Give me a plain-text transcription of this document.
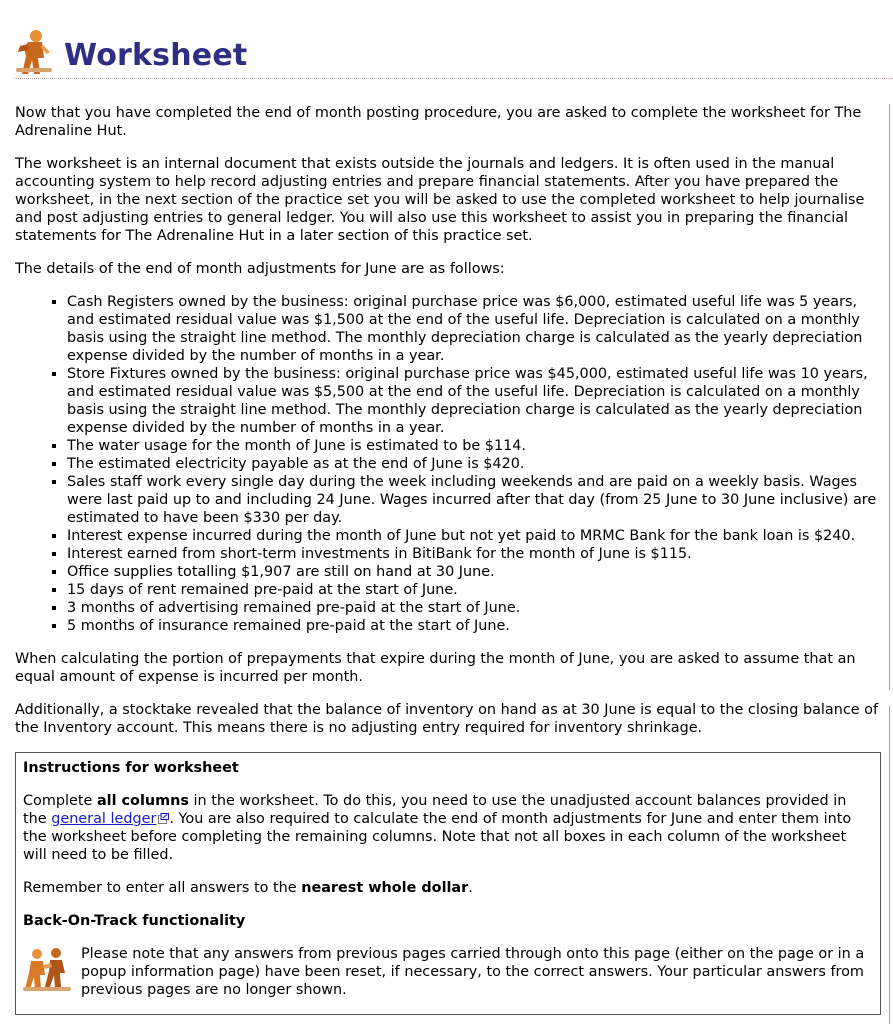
Worksheet

Now that you have completed the end of month posting procedure, you are asked to complete the worksheet for The Adrenaline Hut.

The worksheet is an internal document that exists outside the journals and ledgers. It is often used in the manual accounting system to help record adjusting entries and prepare financial statements. After you have prepared the worksheet, in the next section of the practice set you will be asked to use the completed worksheet to help journalise and post adjusting entries to general ledger. You will also use this worksheet to assist you in preparing the financial statements for The Adrenaline Hut in a later section of this practice set.

The details of the end of month adjustments for June are as follows:

▪ Cash Registers owned by the business: original purchase price was $6,000, estimated useful life was 5 years, and estimated residual value was $1,500 at the end of the useful life. Depreciation is calculated on a monthly basis using the straight line method. The monthly depreciation charge is calculated as the yearly depreciation expense divided by the number of months in a year.
▪ Store Fixtures owned by the business: original purchase price was $45,000, estimated useful life was 10 years, and estimated residual value was $5,500 at the end of the useful life. Depreciation is calculated on a monthly basis using the straight line method. The monthly depreciation charge is calculated as the yearly depreciation expense divided by the number of months in a year.
▪ The water usage for the month of June is estimated to be $114.
▪ The estimated electricity payable as at the end of June is $420.
▪ Sales staff work every single day during the week including weekends and are paid on a weekly basis. Wages were last paid up to and including 24 June. Wages incurred after that day (from 25 June to 30 June inclusive) are estimated to have been $330 per day.
▪ Interest expense incurred during the month of June but not yet paid to MRMC Bank for the bank loan is $240.
▪ Interest earned from short-term investments in BitiBank for the month of June is $115.
▪ Office supplies totalling $1,907 are still on hand at 30 June.
▪ 15 days of rent remained pre-paid at the start of June.
▪ 3 months of advertising remained pre-paid at the start of June.
▪ 5 months of insurance remained pre-paid at the start of June.

When calculating the portion of prepayments that expire during the month of June, you are asked to assume that an equal amount of expense is incurred per month.

Additionally, a stocktake revealed that the balance of inventory on hand as at 30 June is equal to the closing balance of the Inventory account. This means there is no adjusting entry required for inventory shrinkage.

Instructions for worksheet

Complete all columns in the worksheet. To do this, you need to use the unadjusted account balances provided in the general ledger . You are also required to calculate the end of month adjustments for June and enter them into the worksheet before completing the remaining columns. Note that not all boxes in each column of the worksheet will need to be filled.

Remember to enter all answers to the nearest whole dollar.

Back-On-Track functionality

Please note that any answers from previous pages carried through onto this page (either on the page or in a popup information page) have been reset, if necessary, to the correct answers. Your particular answers from previous pages are no longer shown.
